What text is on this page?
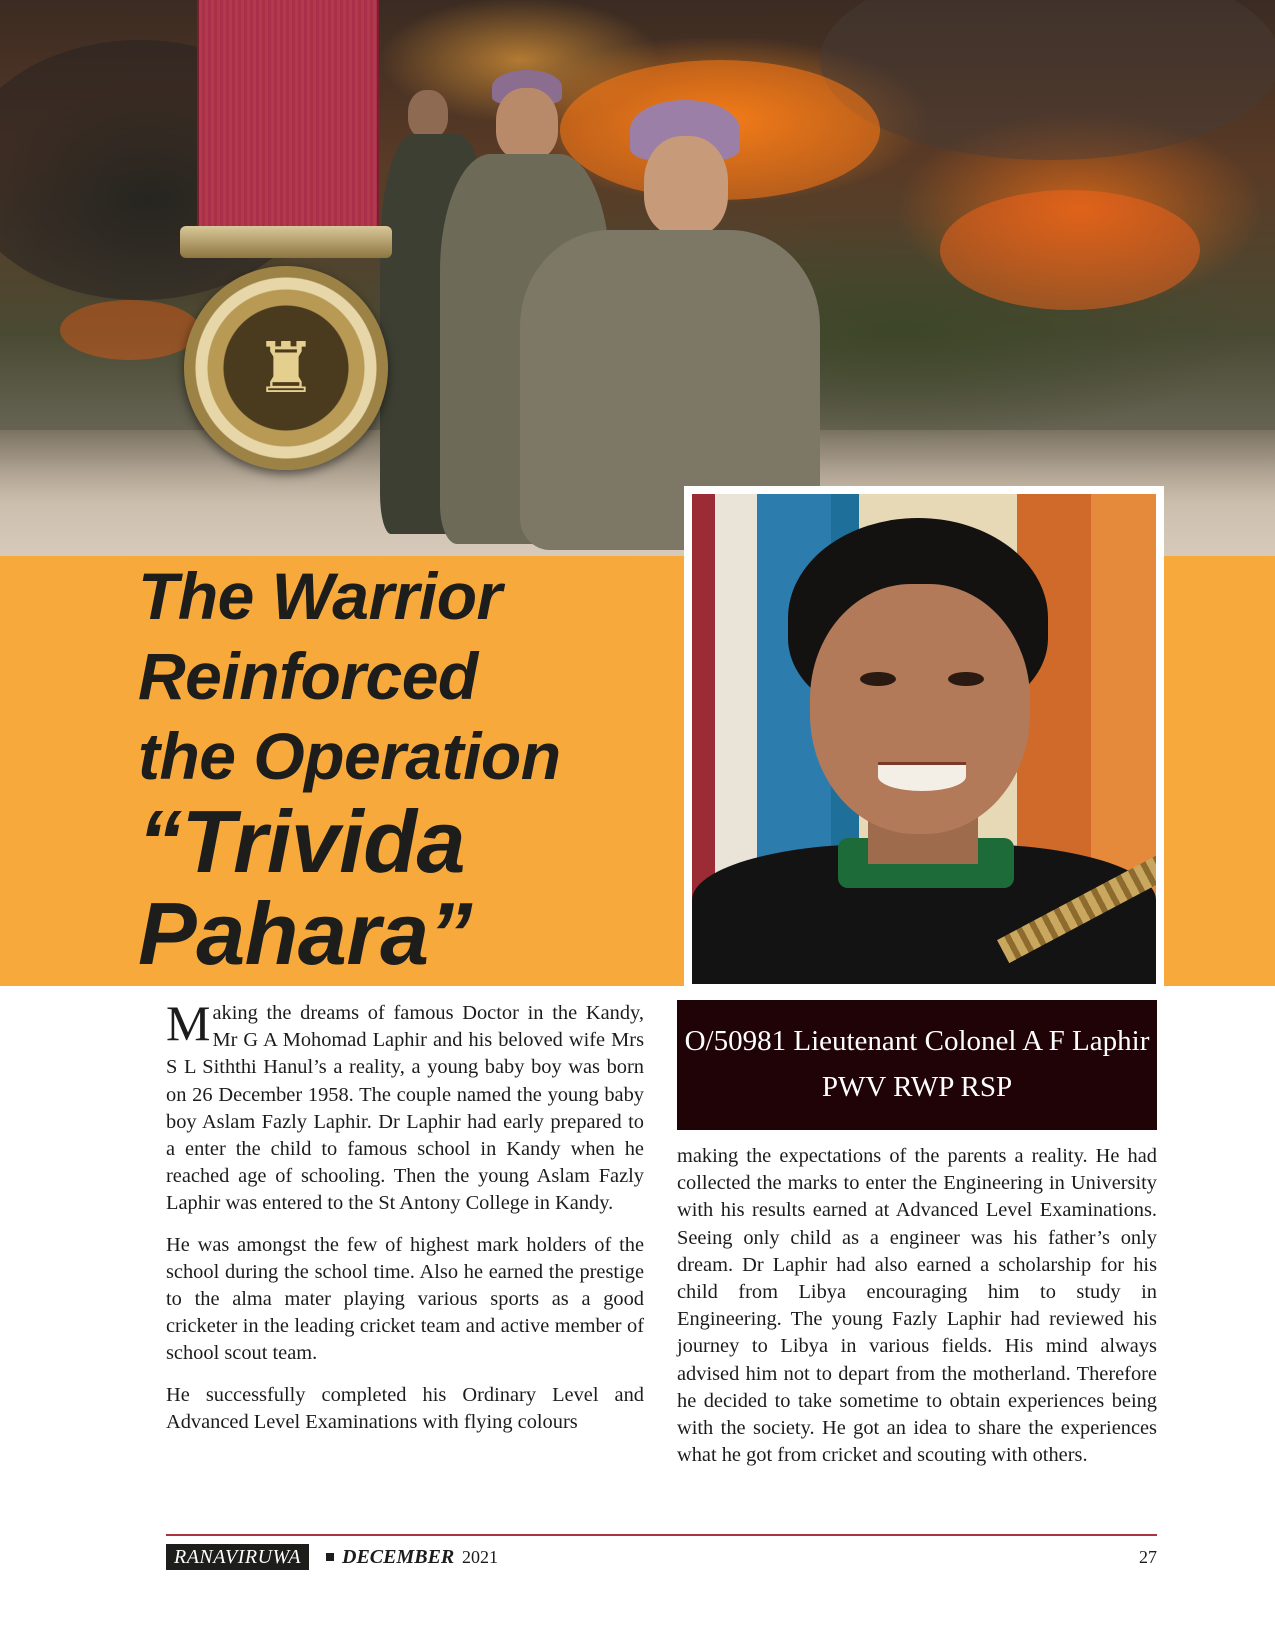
♜
The Warrior
Reinforced
the Operation
“Trivida
Pahara”
O/50981 Lieutenant Colonel A F Laphir
PWV RWP RSP

Making the dreams of famous Doctor in the Kandy, Mr G A Mohomad Laphir and his beloved wife Mrs S L Siththi Hanul’s a reality, a young baby boy was born on 26 December 1958. The couple named the young baby boy Aslam Fazly Laphir. Dr Laphir had early prepared to a enter the child to famous school in Kandy when he reached age of schooling. Then the young Aslam Fazly Laphir was entered to the St Antony College in Kandy.

He was amongst the few of highest mark holders of the school during the school time. Also he earned the prestige to the alma mater playing various sports as a good cricketer in the leading cricket team and active member of school scout team.

He successfully completed his Ordinary Level and Advanced Level Examinations with flying colours

making the expectations of the parents a reality. He had collected the marks to enter the Engineering in University with his results earned at Advanced Level Examinations. Seeing only child as a engineer was his father’s only dream. Dr Laphir had also earned a scholarship for his child from Libya encouraging him to study in Engineering. The young Fazly Laphir had reviewed his journey to Libya in various fields. His mind always advised him not to depart from the motherland. Therefore he decided to take sometime to obtain experiences being with the society. He got an idea to share the experiences what he got from cricket and scouting with others.

RANAVIRUWA	DECEMBER 2021	27
